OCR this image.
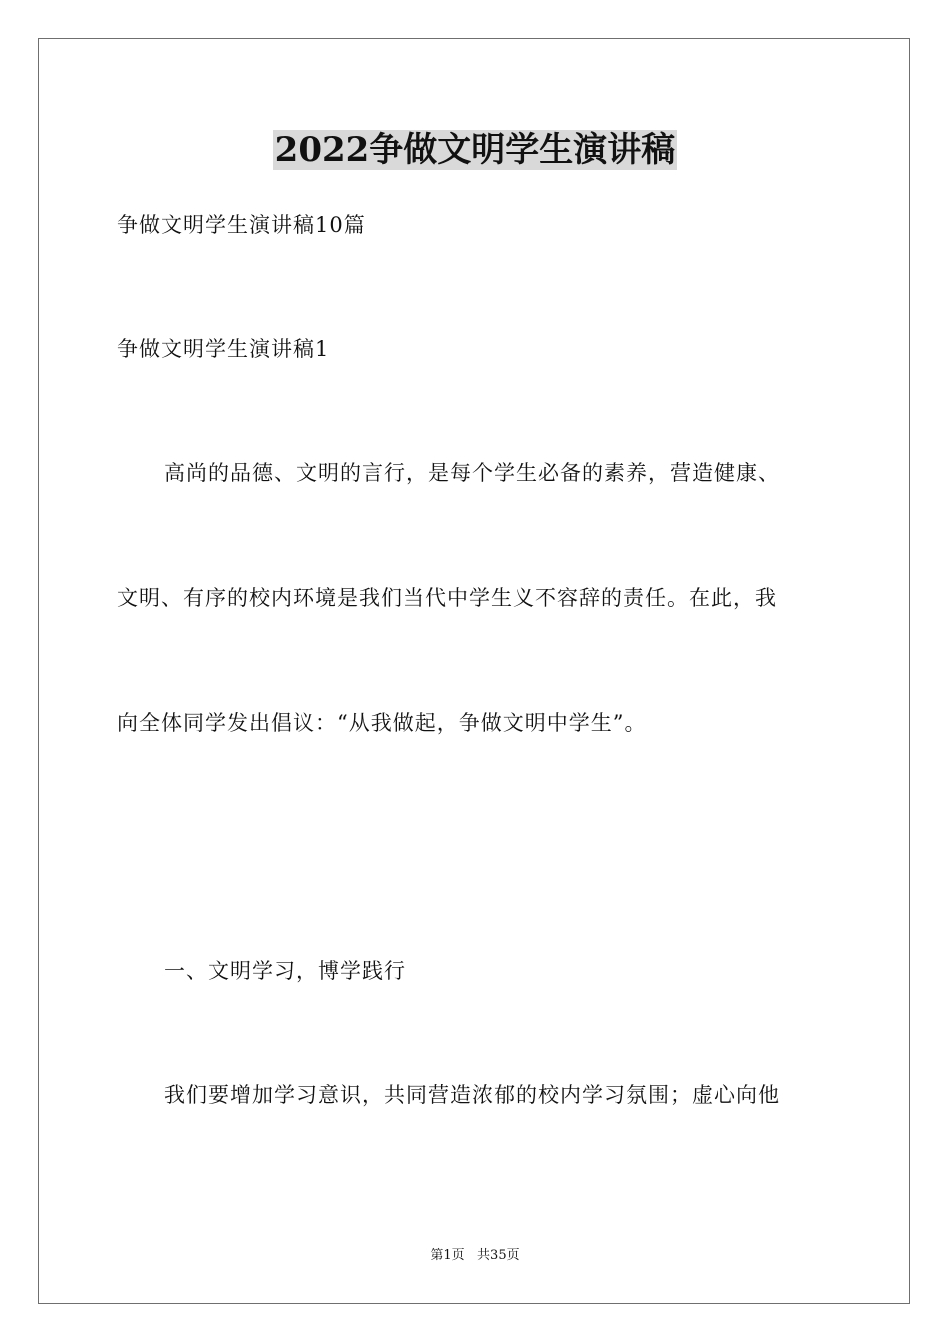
2022争做文明学生演讲稿
争做文明学生演讲稿10篇
争做文明学生演讲稿1
高尚的品德、文明的言行，是每个学生必备的素养，营造健康、
文明、有序的校内环境是我们当代中学生义不容辞的责任。在此，我
向全体同学发出倡议：“从我做起，争做文明中学生”。
一、文明学习，博学践行
我们要增加学习意识，共同营造浓郁的校内学习氛围；虚心向他
第1页   共35页
